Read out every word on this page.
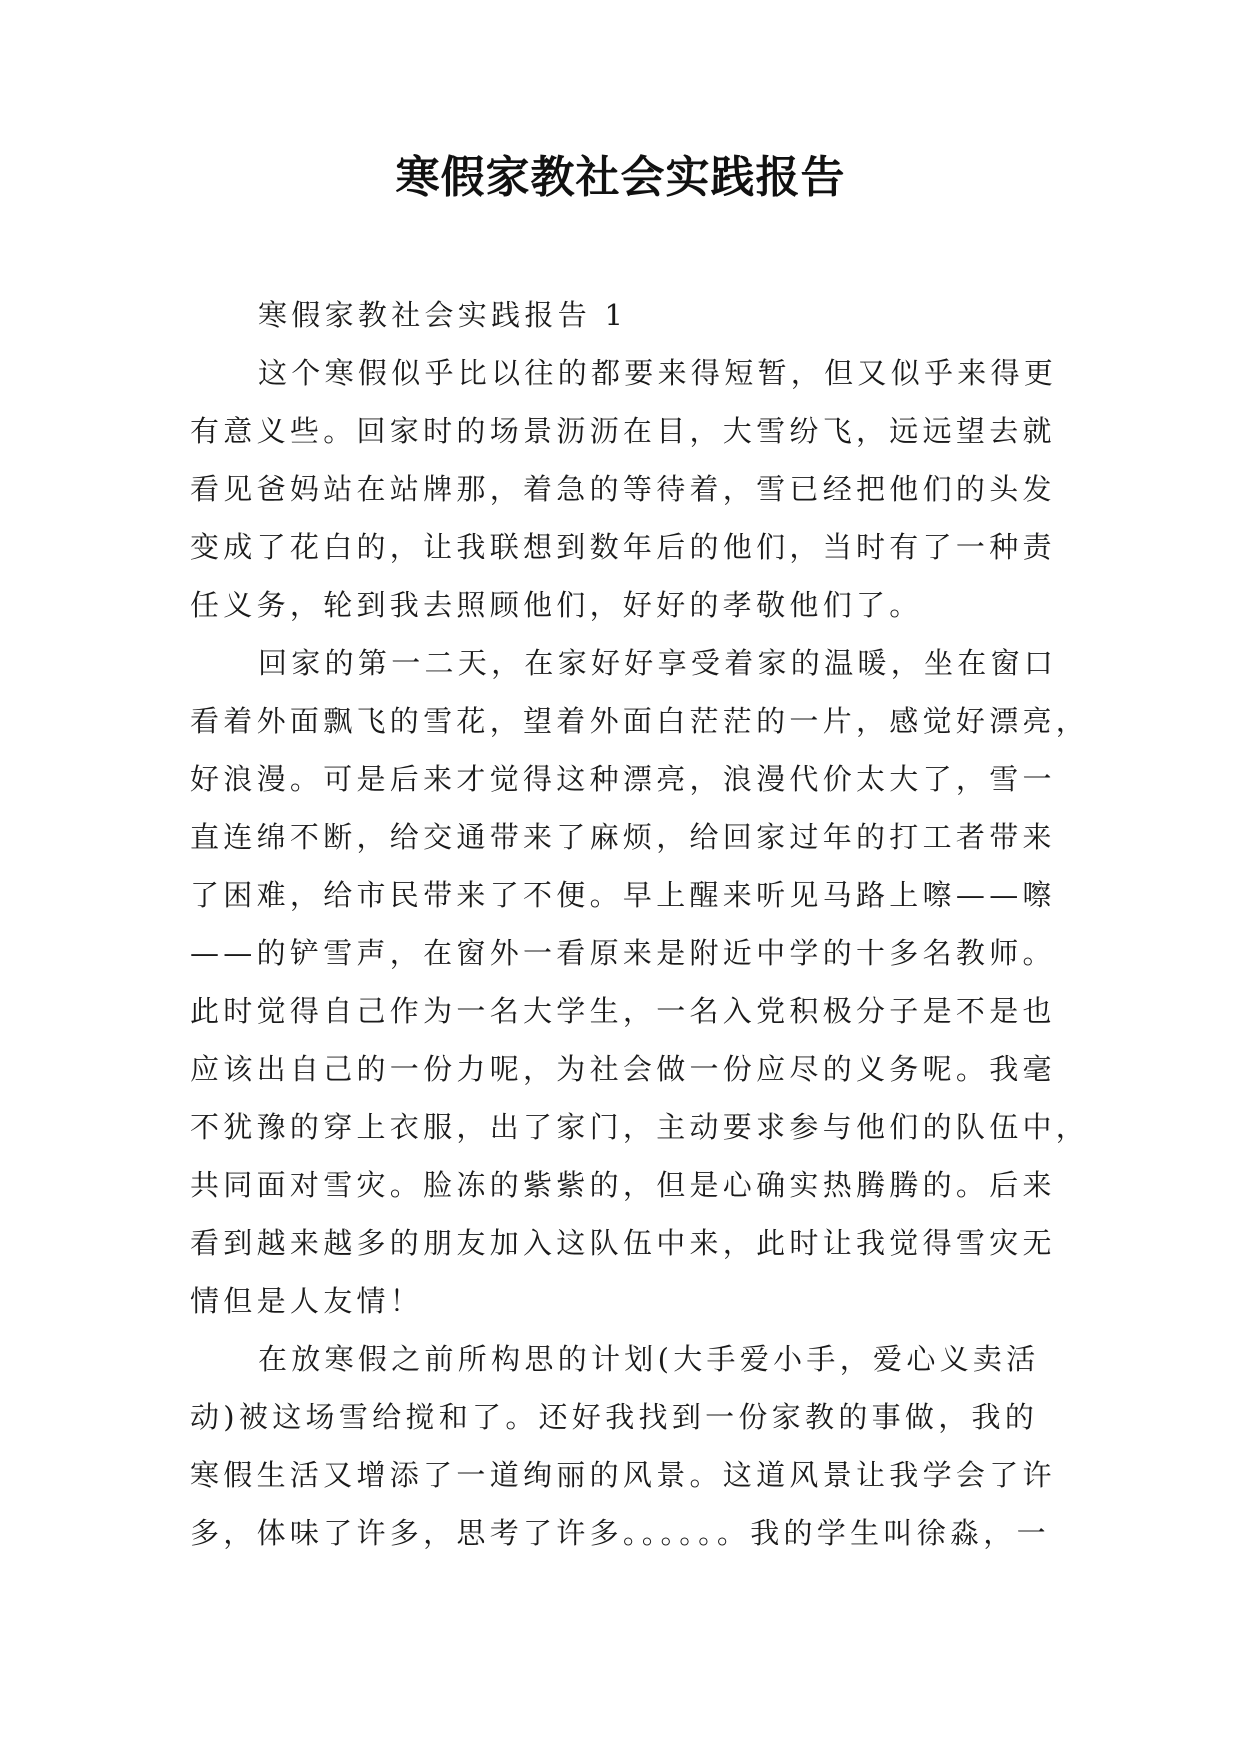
寒假家教社会实践报告
寒假家教社会实践报告 1
这个寒假似乎比以往的都要来得短暂，但又似乎来得更
有意义些。回家时的场景沥沥在目，大雪纷飞，远远望去就
看见爸妈站在站牌那，着急的等待着，雪已经把他们的头发
变成了花白的，让我联想到数年后的他们，当时有了一种责
任义务，轮到我去照顾他们，好好的孝敬他们了。
回家的第一二天，在家好好享受着家的温暖，坐在窗口
看着外面飘飞的雪花，望着外面白茫茫的一片，感觉好漂亮，
好浪漫。可是后来才觉得这种漂亮，浪漫代价太大了，雪一
直连绵不断，给交通带来了麻烦，给回家过年的打工者带来
了困难，给市民带来了不便。早上醒来听见马路上嚓——嚓
——的铲雪声，在窗外一看原来是附近中学的十多名教师。
此时觉得自己作为一名大学生，一名入党积极分子是不是也
应该出自己的一份力呢，为社会做一份应尽的义务呢。我毫
不犹豫的穿上衣服，出了家门，主动要求参与他们的队伍中，
共同面对雪灾。脸冻的紫紫的，但是心确实热腾腾的。后来
看到越来越多的朋友加入这队伍中来，此时让我觉得雪灾无
情但是人友情！
在放寒假之前所构思的计划(大手爱小手，爱心义卖活
动)被这场雪给搅和了。还好我找到一份家教的事做，我的
寒假生活又增添了一道绚丽的风景。这道风景让我学会了许
多，体味了许多，思考了许多。。。。。。我的学生叫徐淼，一
